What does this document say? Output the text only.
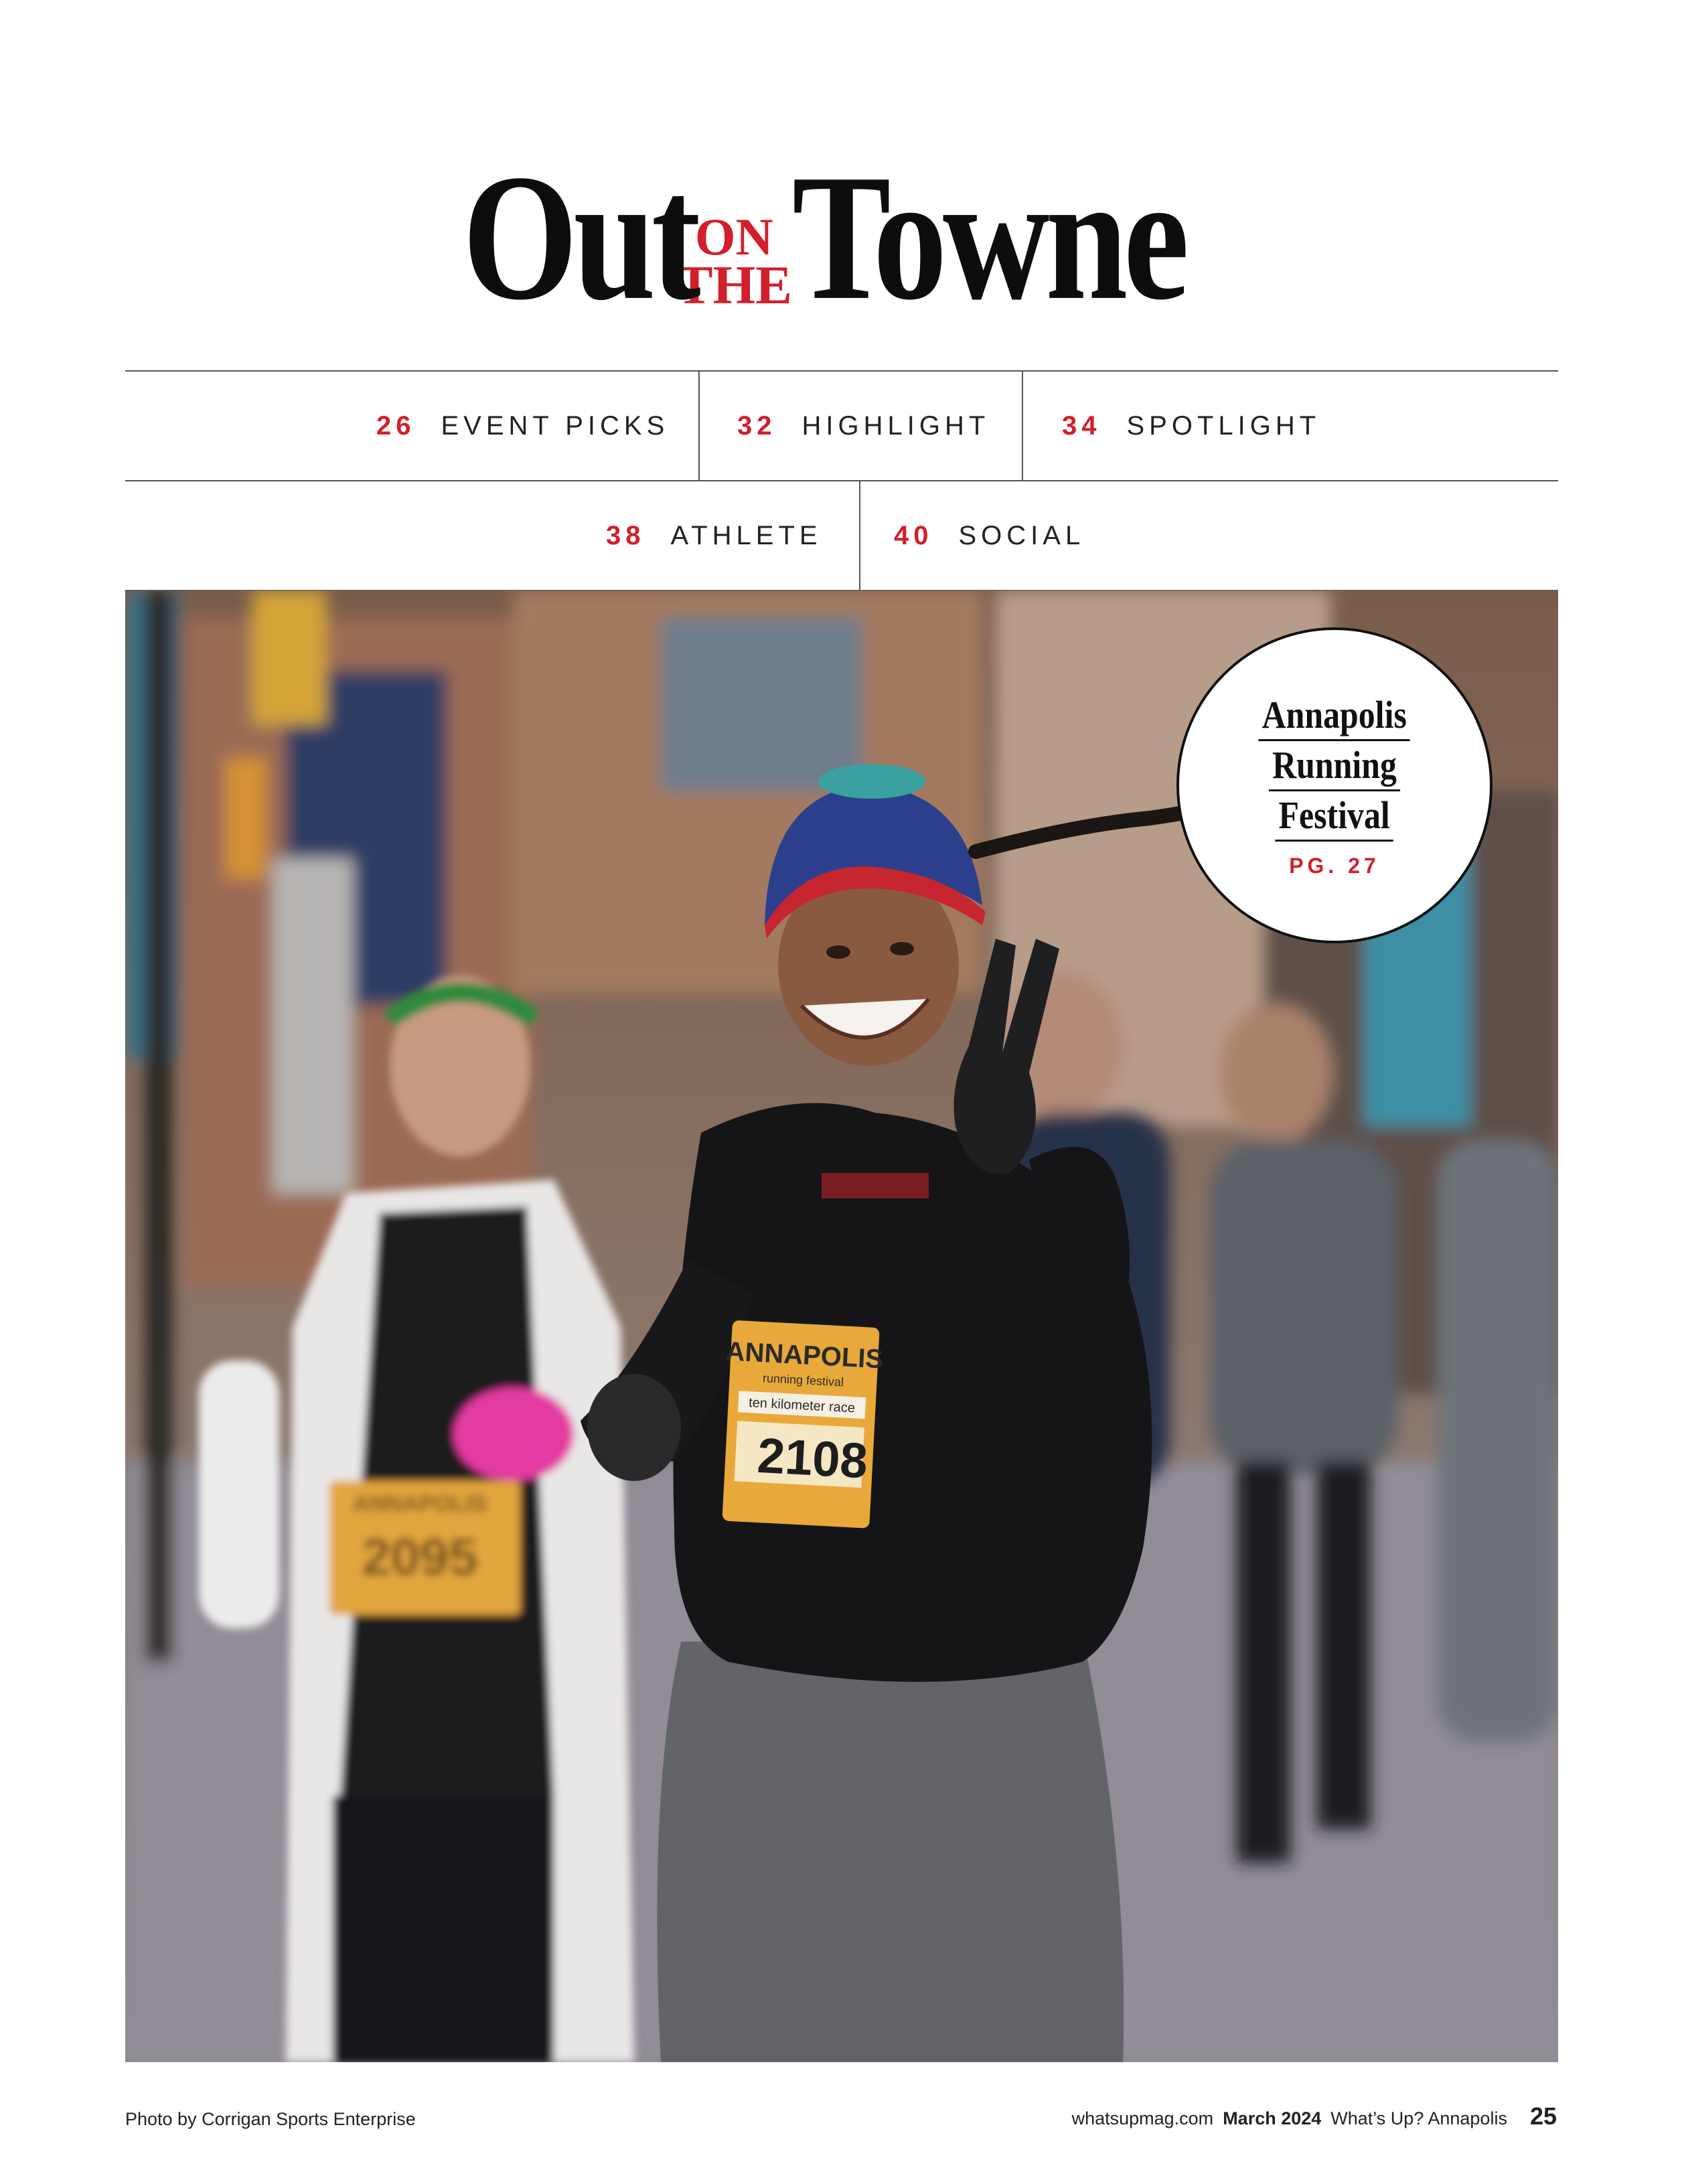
Out
ON
THE Towne
26 EVENT PICKS	32 HIGHLIGHT	34 SPOTLIGHT
38 ATHLETE	40 SOCIAL
2095
ANNAPOLIS
ANNAPOLIS
running festival
ten kilometer race
2108
Annapolis
Running
Festival
PG. 27
Photo by Corrigan Sports Enterprise	whatsupmag.com March 2024 What’s Up? Annapolis 25
